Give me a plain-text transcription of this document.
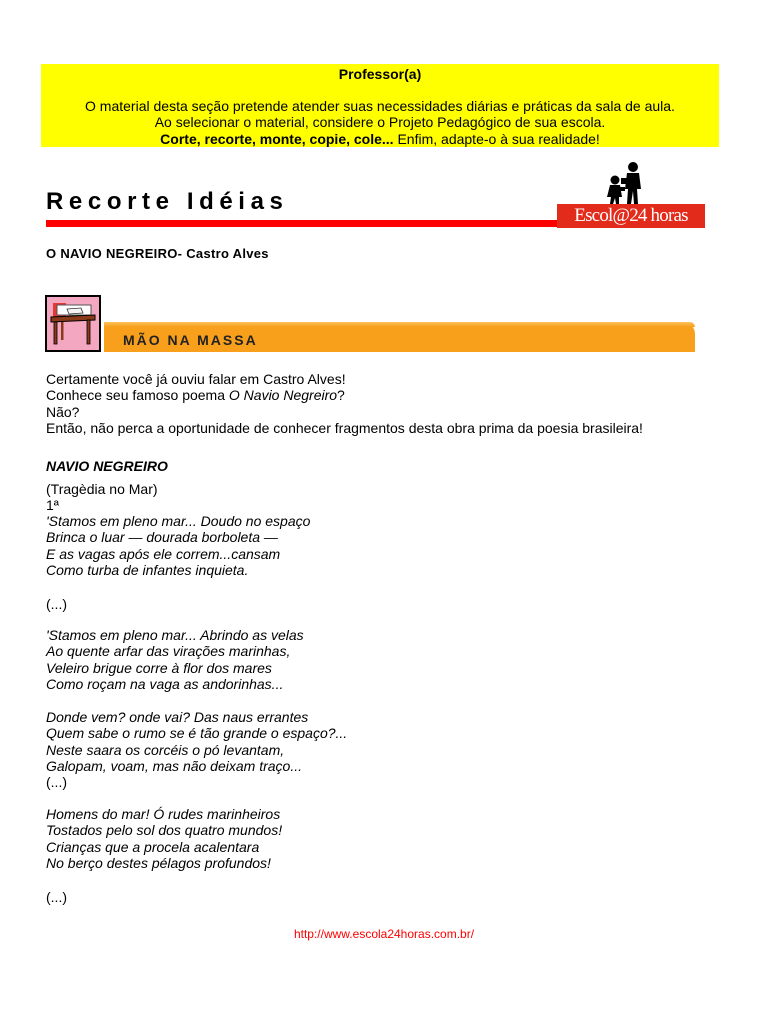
Professor(a)
O material desta seção pretende atender suas necessidades diárias e práticas da sala de aula.
Ao selecionar o material, considere o Projeto Pedagógico de sua escola.
Corte, recorte, monte, copie, cole... Enfim, adapte-o à sua realidade!
Recorte Idéias
Escol@24 horas
O NAVIO NEGREIRO- Castro Alves
MÃO NA MASSA
Certamente você já ouviu falar em Castro Alves!
Conhece seu famoso poema O Navio Negreiro?
Não?
Então, não perca a oportunidade de conhecer fragmentos desta obra prima da poesia brasileira!
NAVIO NEGREIRO
(Tragèdia no Mar)
1ª
'Stamos em pleno mar... Doudo no espaço
Brinca o luar — dourada borboleta —
E as vagas após ele correm...cansam
Como turba de infantes inquieta.
(...)
'Stamos em pleno mar... Abrindo as velas
Ao quente arfar das virações marinhas,
Veleiro brigue corre à flor dos mares
Como roçam na vaga as andorinhas...
Donde vem? onde vai? Das naus errantes
Quem sabe o rumo se é tão grande o espaço?...
Neste saara os corcéis o pó levantam,
Galopam, voam, mas não deixam traço...
(...)
Homens do mar! Ó rudes marinheiros
Tostados pelo sol dos quatro mundos!
Crianças que a procela acalentara
No berço destes pélagos profundos!
(...)
http://www.escola24horas.com.br/
